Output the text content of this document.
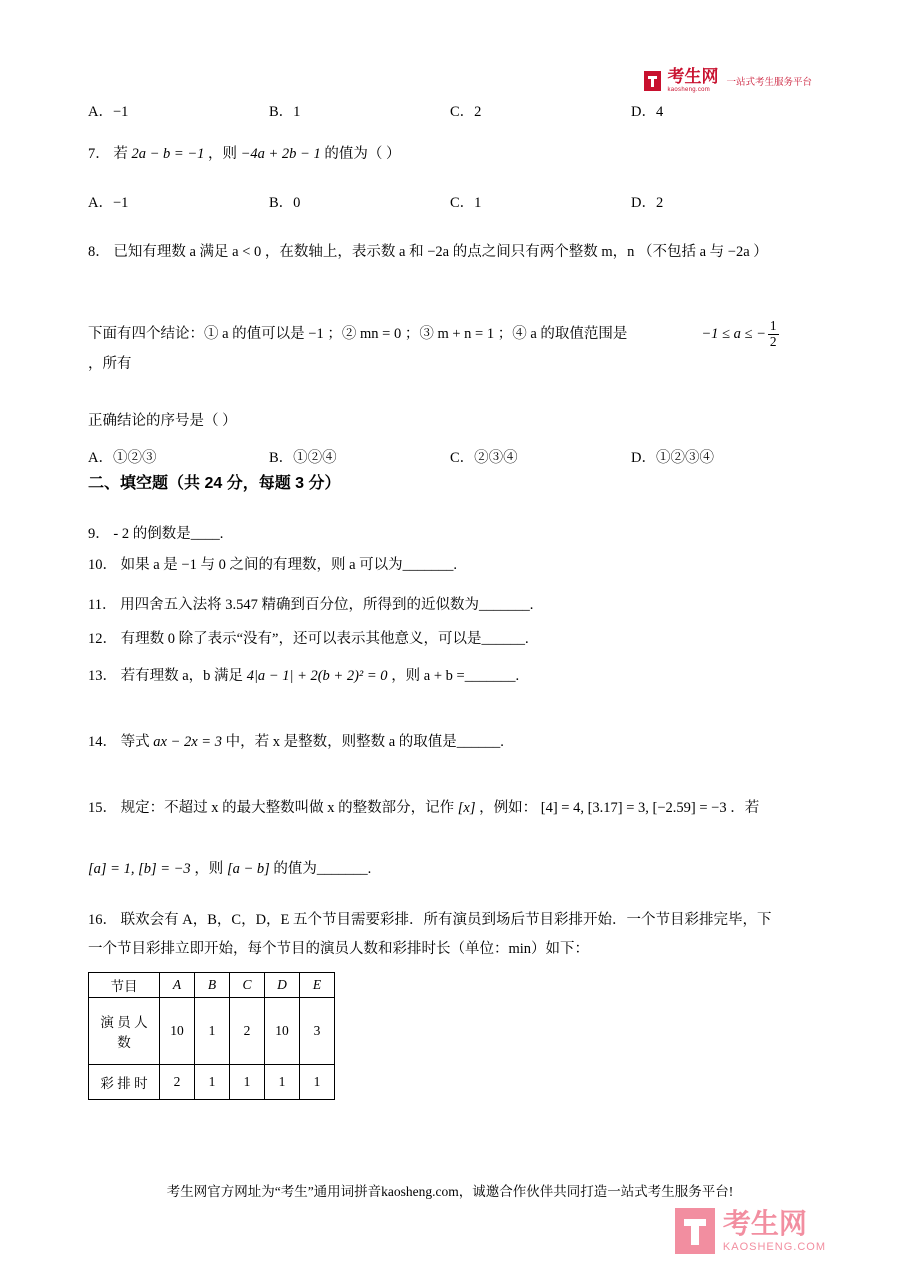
考生网
kaosheng.com
一站式考生服务平台
A．−1	B．1	C．2	D．4
7． 若 2a − b = −1 ，则 −4a + 2b − 1 的值为（ ）
A．−1	B．0	C．1	D．2
8． 已知有理数 a 满足 a < 0 ，在数轴上，表示数 a 和 −2a 的点之间只有两个整数 m，n （不包括 a 与 −2a ）
下面有四个结论：① a 的值可以是 −1 ；② mn = 0 ；③ m + n = 1 ；④ a 的取值范围是	−1 ≤ a ≤ − $\frac{1}{2}$
，所有
正确结论的序号是（ ）
A．①②③	B．①②④	C．②③④	D．①②③④
二、填空题（共 24 分，每题 3 分）
9． - 2 的倒数是____.
10． 如果 a 是 −1 与 0 之间的有理数，则 a 可以为_______.
11． 用四舍五入法将 3.547 精确到百分位，所得到的近似数为_______.
12． 有理数 0 除了表示“没有”，还可以表示其他意义，可以是______.
13． 若有理数 a，b 满足 4|a − 1| + 2(b + 2)² = 0 ，则 a + b =_______.
14． 等式 ax − 2x = 3 中，若 x 是整数，则整数 a 的取值是______.
15． 规定：不超过 x 的最大整数叫做 x 的整数部分，记作 [x] ，例如： [4] = 4, [3.17] = 3, [−2.59] = −3 ．若
[a] = 1, [b] = −3 ，则 [a − b] 的值为_______.
16． 联欢会有 A，B，C，D，E 五个节目需要彩排．所有演员到场后节目彩排开始．一个节目彩排完毕，下
一个节目彩排立即开始，每个节目的演员人数和彩排时长（单位：min）如下：
节目	A	B	C	D	E
演 员 人 数	10	1	2	10	3
彩 排 时	2	1	1	1	1
考生网官方网址为“考生”通用词拼音kaosheng.com，诚邀合作伙伴共同打造一站式考生服务平台!
考生网
KAOSHENG.COM
